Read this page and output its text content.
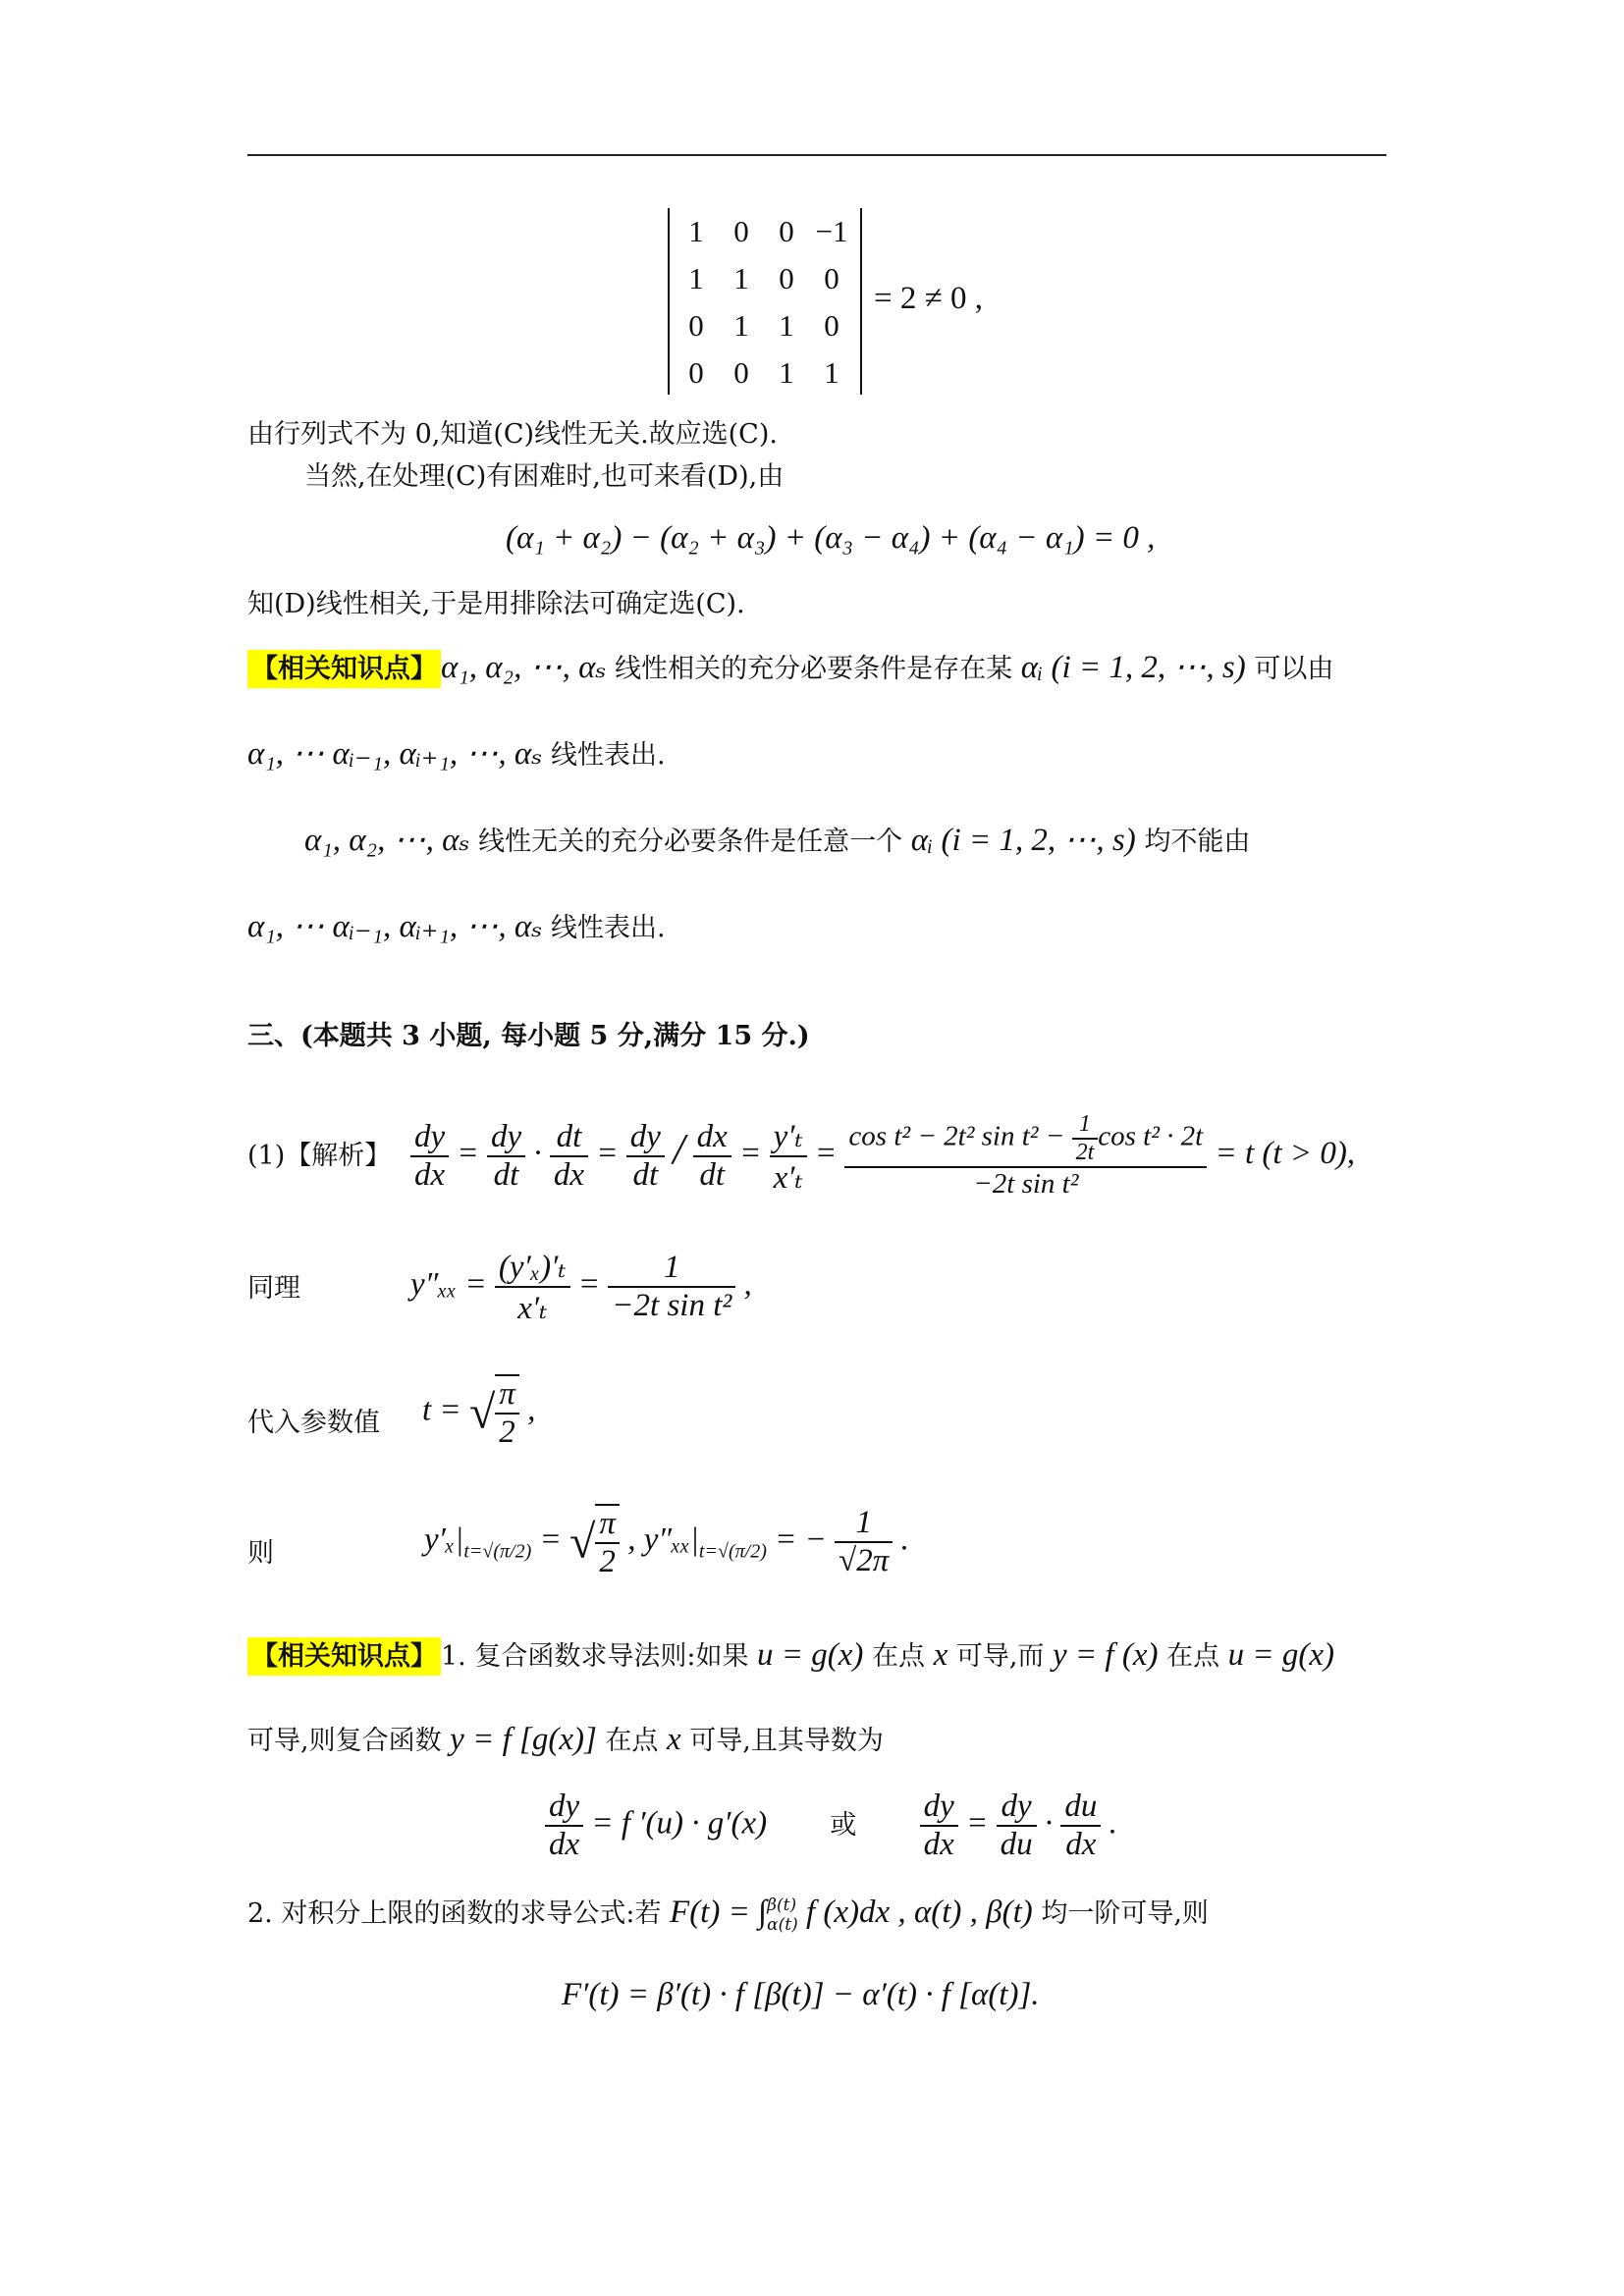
1	0	0	−1
1	1	0	0
0	1	1	0
0	0	1	1
= 2 ≠ 0 ,
由行列式不为 0,知道(C)线性无关.故应选(C).
当然,在处理(C)有困难时,也可来看(D),由
(α₁ + α₂) − (α₂ + α₃) + (α₃ − α₄) + (α₄ − α₁) = 0 ,
知(D)线性相关,于是用排除法可确定选(C).
【相关知识点】 α₁, α₂, ⋯, αₛ 线性相关的充分必要条件是存在某 αᵢ (i = 1, 2, ⋯, s) 可以由
α₁, ⋯ αᵢ₋₁, αᵢ₊₁, ⋯, αₛ 线性表出.
α₁, α₂, ⋯, αₛ 线性无关的充分必要条件是任意一个 αᵢ (i = 1, 2, ⋯, s) 均不能由
α₁, ⋯ αᵢ₋₁, αᵢ₊₁, ⋯, αₛ 线性表出.
三、(本题共 3 小题, 每小题 5 分,满分 15 分.)
(1)【解析】 $\frac{dy}{dx} = \frac{dy}{dt} \cdot \frac{dt}{dx} = \frac{dy}{dt} / \frac{dx}{dt} = \frac{\text{y′ₜ}}{\text{x′ₜ}} = \frac{\cos t^2 - 2t^2 \sin t^2 - \frac{1}{2t} \cos t^2 \cdot 2t}{\text{−2t sin t²}} = t$ (t > 0),
同理	$y''_{xx} = \frac{\text{(y′ₓ)′ₜ}}{\text{x′ₜ}} = \frac{1}{\text{−2t sin t²}}$ ,
代入参数值 t = √ $\frac{\pi}{2}$ ,
则	$y'_x|_{t=√(\pi/2)}$ = √ $\frac{\pi}{2}$ , $y''_{xx}|_{t=√(\pi/2)}$ = − $\frac{1}{√2\pi}$ .
【相关知识点】 1. 复合函数求导法则:如果 u = g(x) 在点 x 可导,而 y = f (x) 在点 u = g(x)
可导,则复合函数 y = f [g(x)] 在点 x 可导,且其导数为
$\frac{dy}{dx} = f$ ′(u) · g′(x) 或 $\frac{dy}{dx} = \frac{dy}{du} \cdot \frac{du}{dx}$ .
2. 对积分上限的函数的求导公式:若 F(t) = ∫ β(t)
α(t) f (x)dx , α(t) , β(t) 均一阶可导,则
F′(t) = β′(t) · f [β(t)] − α′(t) · f [α(t)].
